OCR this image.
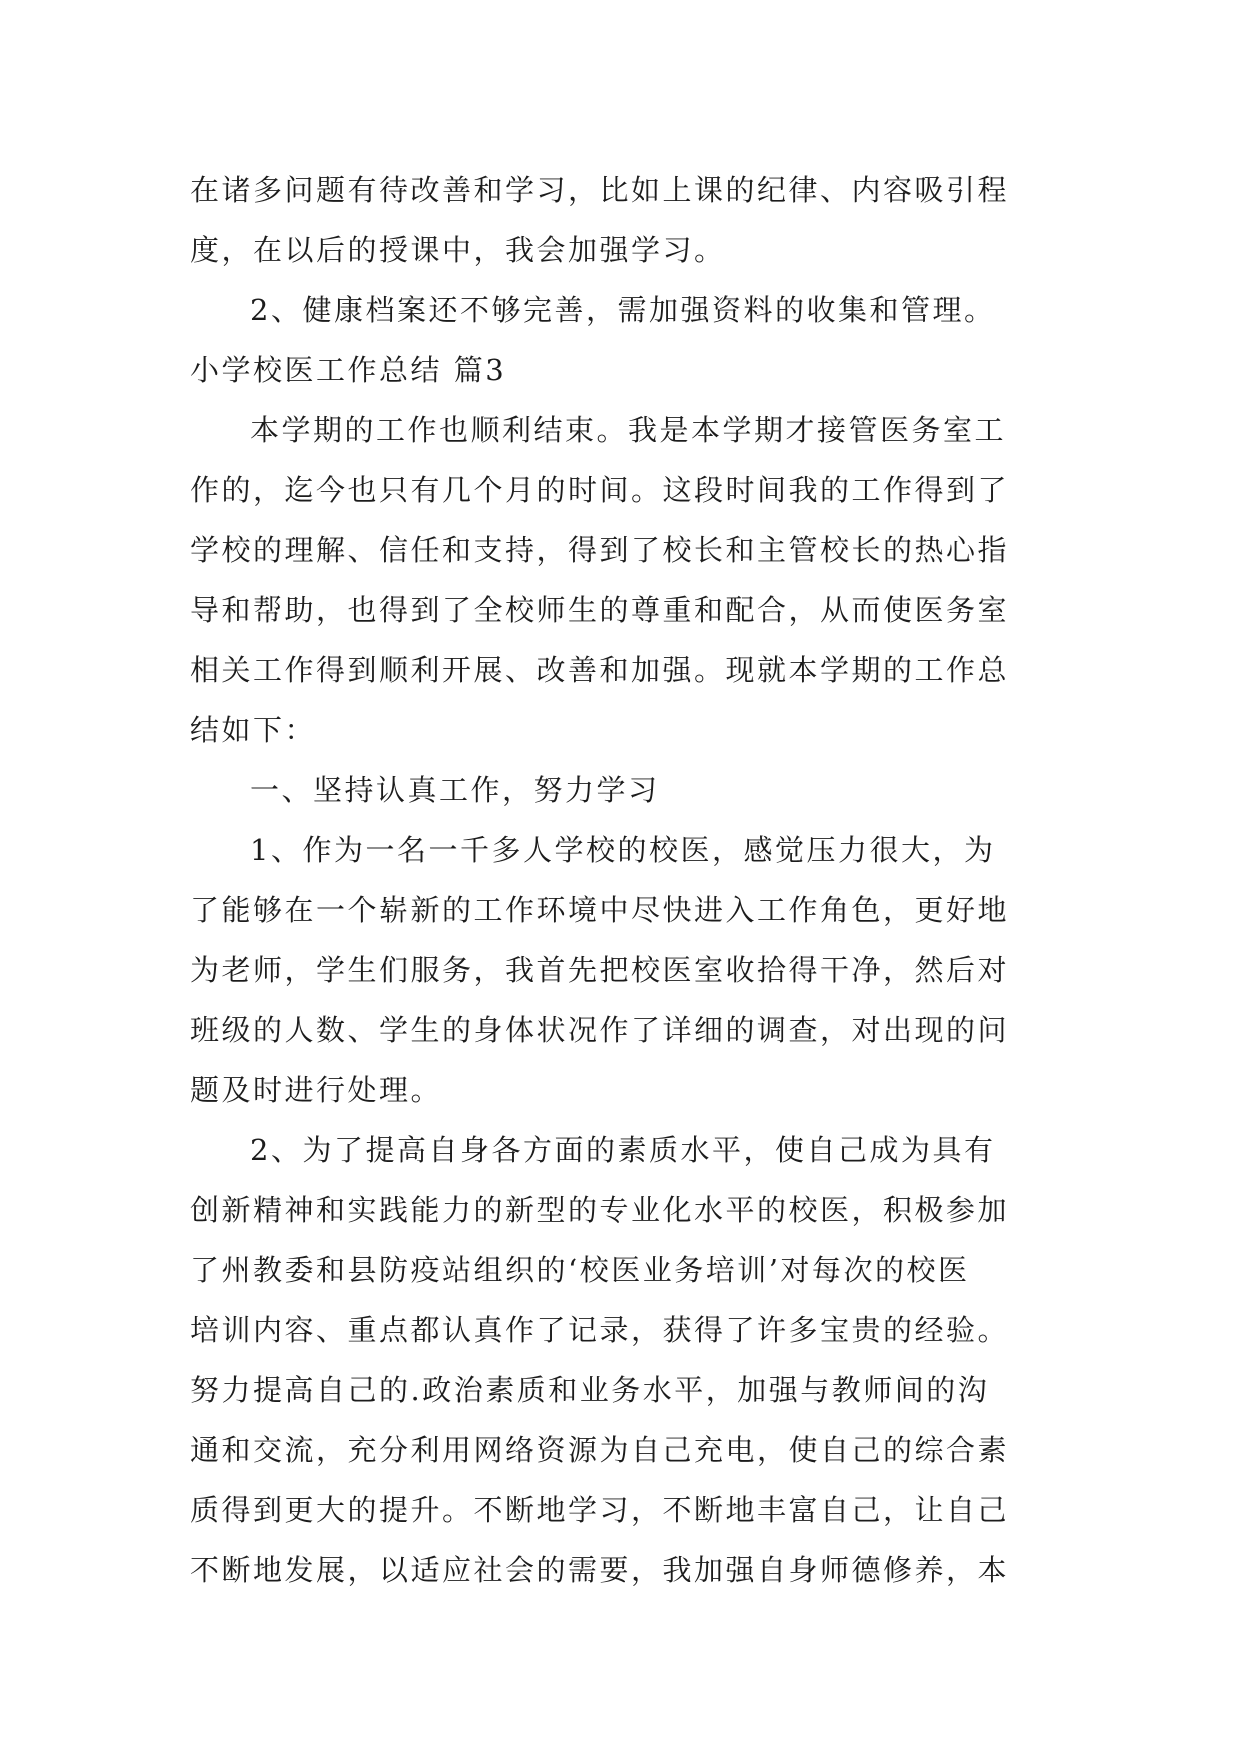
在诸多问题有待改善和学习，比如上课的纪律、内容吸引程
度，在以后的授课中，我会加强学习。
2、健康档案还不够完善，需加强资料的收集和管理。
小学校医工作总结 篇3
本学期的工作也顺利结束。我是本学期才接管医务室工
作的，迄今也只有几个月的时间。这段时间我的工作得到了
学校的理解、信任和支持，得到了校长和主管校长的热心指
导和帮助，也得到了全校师生的尊重和配合，从而使医务室
相关工作得到顺利开展、改善和加强。现就本学期的工作总
结如下：
一、坚持认真工作，努力学习
1、作为一名一千多人学校的校医，感觉压力很大，为
了能够在一个崭新的工作环境中尽快进入工作角色，更好地
为老师，学生们服务，我首先把校医室收拾得干净，然后对
班级的人数、学生的身体状况作了详细的调查，对出现的问
题及时进行处理。
2、为了提高自身各方面的素质水平，使自己成为具有
创新精神和实践能力的新型的专业化水平的校医，积极参加
了州教委和县防疫站组织的‘校医业务培训’对每次的校医
培训内容、重点都认真作了记录，获得了许多宝贵的经验。
努力提高自己的.政治素质和业务水平，加强与教师间的沟
通和交流，充分利用网络资源为自己充电，使自己的综合素
质得到更大的提升。不断地学习，不断地丰富自己，让自己
不断地发展，以适应社会的需要，我加强自身师德修养，本
